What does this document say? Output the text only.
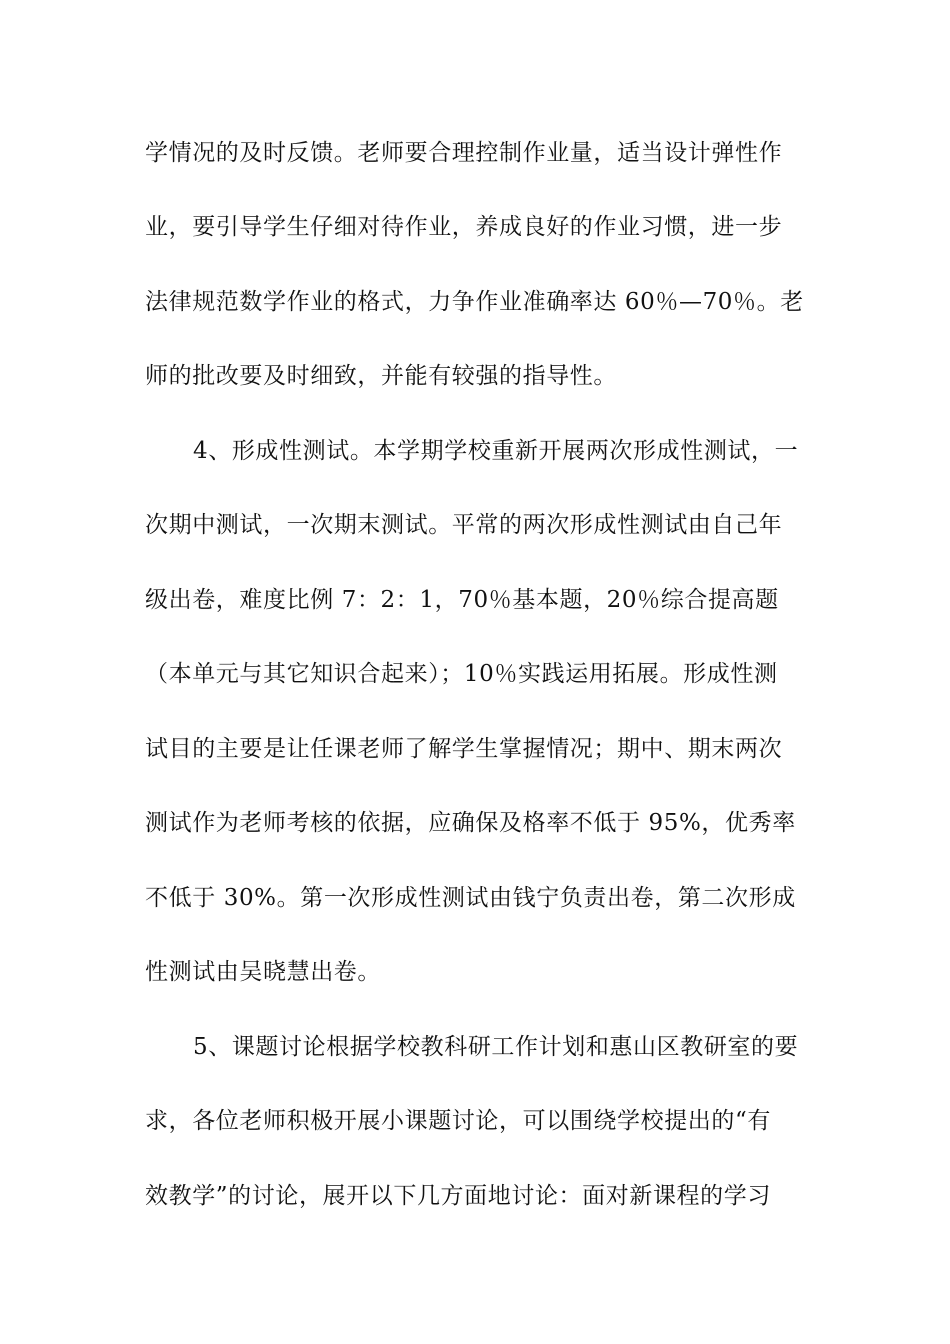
学情况的及时反馈。老师要合理控制作业量，适当设计弹性作
业，要引导学生仔细对待作业，养成良好的作业习惯，进一步
法律规范数学作业的格式，力争作业准确率达 60％—70％。老
师的批改要及时细致，并能有较强的指导性。
4、形成性测试。本学期学校重新开展两次形成性测试，一
次期中测试，一次期末测试。平常的两次形成性测试由自己年
级出卷，难度比例 7：2：1，70％基本题，20％综合提高题
（本单元与其它知识合起来）；10％实践运用拓展。形成性测
试目的主要是让任课老师了解学生掌握情况；期中、期末两次
测试作为老师考核的依据，应确保及格率不低于 95%，优秀率
不低于 30%。第一次形成性测试由钱宁负责出卷，第二次形成
性测试由吴晓慧出卷。
5、课题讨论根据学校教科研工作计划和惠山区教研室的要
求，各位老师积极开展小课题讨论，可以围绕学校提出的“有
效教学”的讨论，展开以下几方面地讨论：面对新课程的学习
